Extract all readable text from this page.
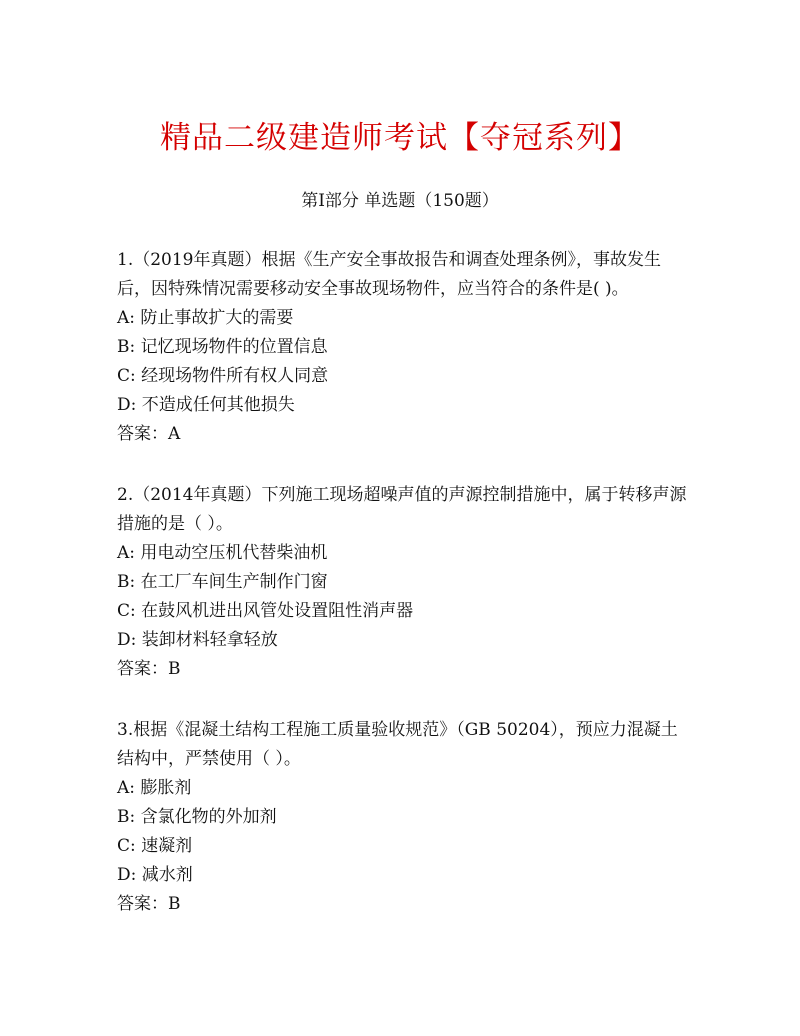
精品二级建造师考试【夺冠系列】
第I部分 单选题（150题）

1.（2019年真题）根据《生产安全事故报告和调查处理条例》，事故发生后，因特殊情况需要移动安全事故现场物件，应当符合的条件是( )。

A: 防止事故扩大的需要

B: 记忆现场物件的位置信息

C: 经现场物件所有权人同意

D: 不造成任何其他损失

答案：A

2.（2014年真题）下列施工现场超噪声值的声源控制措施中，属于转移声源措施的是（ ）。

A: 用电动空压机代替柴油机

B: 在工厂车间生产制作门窗

C: 在鼓风机进出风管处设置阻性消声器

D: 装卸材料轻拿轻放

答案：B

3.根据《混凝土结构工程施工质量验收规范》（GB 50204），预应力混凝土结构中，严禁使用（ ）。

A: 膨胀剂

B: 含氯化物的外加剂

C: 速凝剂

D: 减水剂

答案：B
